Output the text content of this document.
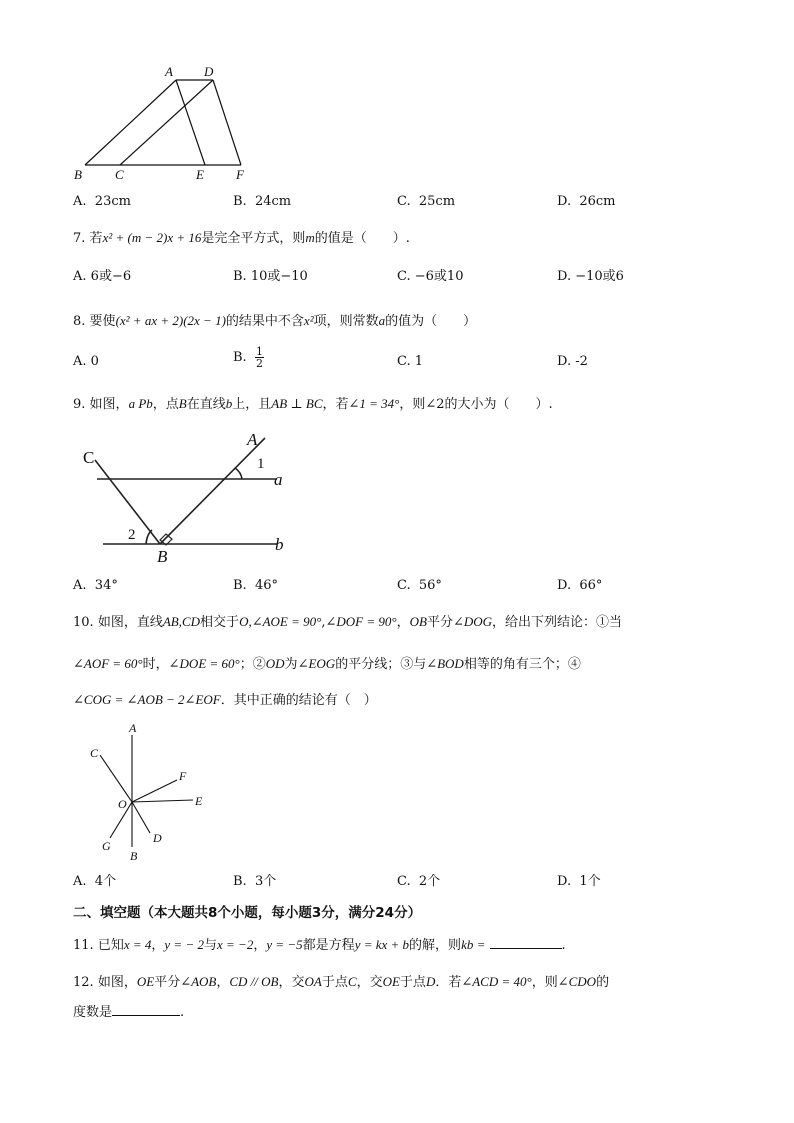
A D
B	C	E F
A. 23cm	B. 24cm	C. 25cm	D. 26cm
7. 若x² + (m − 2)x + 16是完全平方式，则m的值是（　　）.
A. 6或−6	B. 10或−10	C. −6或10	D. −10或6
8. 要使(x² + ax + 2)(2x − 1)的结果中不含x²项，则常数a的值为（　　）
A. 0	B. $\frac{1}{2}$	C. 1	D. -2
9. 如图，a Pb，点B在直线b上，且AB ⊥ BC，若∠1 = 34°，则∠2的大小为（　　）.
C
A
1
a
2
B
b
A. 34°	B. 46°	C. 56°	D. 66°
10. 如图，直线AB,CD相交于O,∠AOE = 90°,∠DOF = 90°，OB平分∠DOG，给出下列结论：①当
∠AOF = 60°时，∠DOE = 60°；②OD为∠EOG的平分线；③与∠BOD相等的角有三个；④
∠COG = ∠AOB − 2∠EOF．其中正确的结论有（　）
A
C
F
O	E
G
D
B
A. 4个	B. 3个	C. 2个	D. 1个
二、填空题（本大题共8个小题，每小题3分，满分24分）
11. 已知x = 4，y = − 2与x = −2，y = −5都是方程y = kx + b的解，则kb =	.
12. 如图，OE平分∠AOB，CD // OB，交OA于点C，交OE于点D．若∠ACD = 40°，则∠CDO的
度数是	.
